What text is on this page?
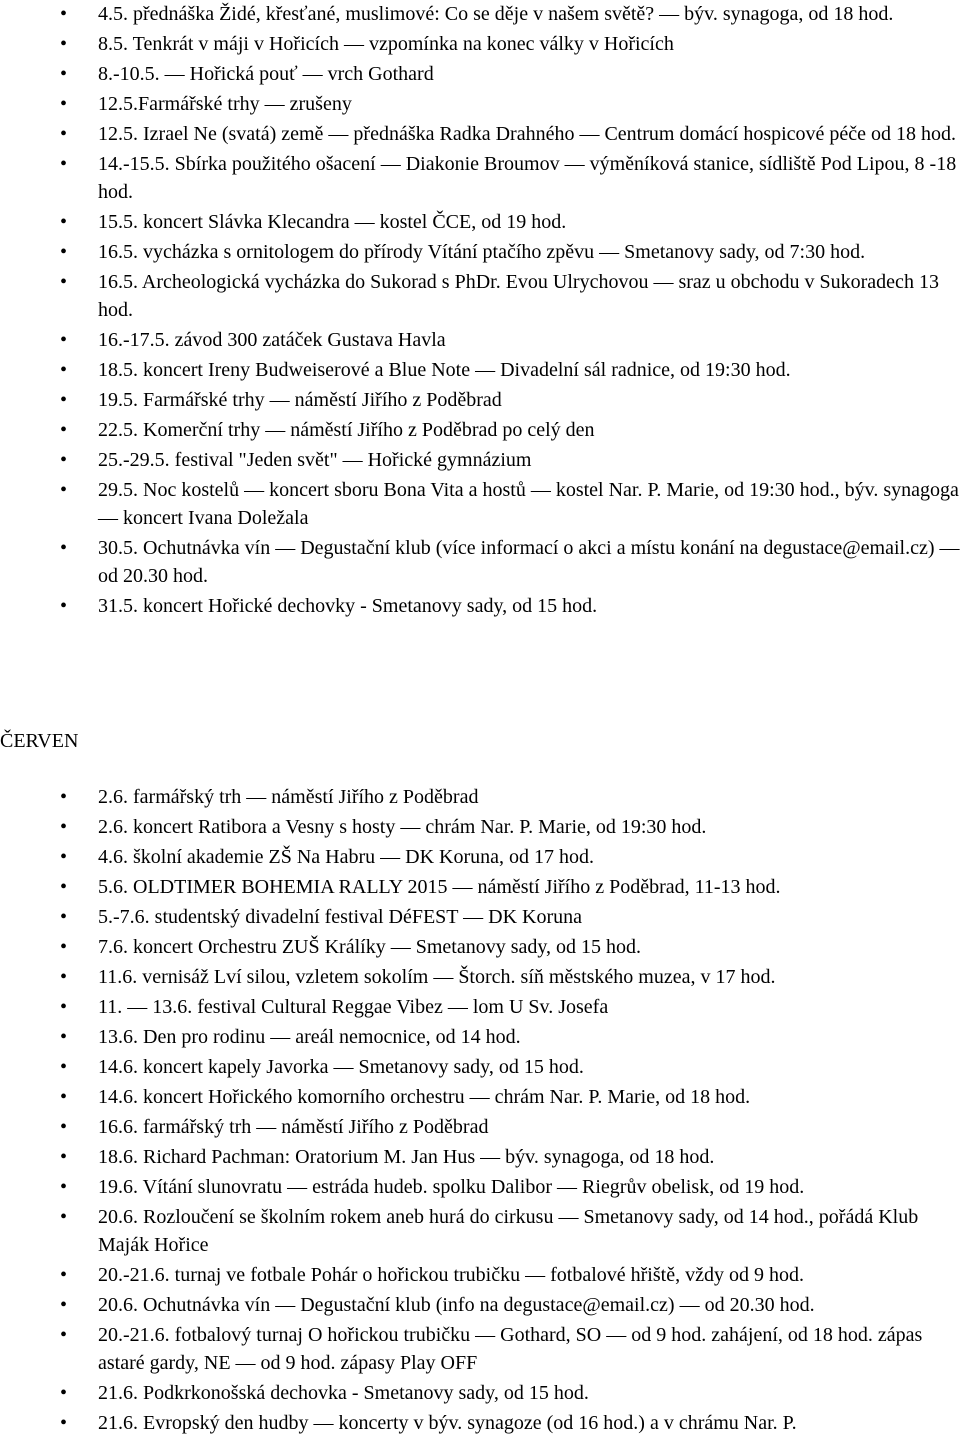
• 4.5. přednáška Židé, křesťané, muslimové: Co se děje v našem světě? — býv. synagoga, od 18 hod.
• 8.5. Tenkrát v máji v Hořicích — vzpomínka na konec války v Hořicích
• 8.-10.5. — Hořická pouť — vrch Gothard
• 12.5.Farmářské trhy — zrušeny
• 12.5. Izrael Ne (svatá) země — přednáška Radka Drahného — Centrum domácí hospicové péče od 18 hod.
• 14.-15.5. Sbírka použitého ošacení — Diakonie Broumov — výměníková stanice, sídliště Pod Lipou, 8 -18 hod.
• 15.5. koncert Slávka Klecandra — kostel ČCE, od 19 hod.
• 16.5. vycházka s ornitologem do přírody Vítání ptačího zpěvu — Smetanovy sady, od 7:30 hod.
• 16.5. Archeologická vycházka do Sukorad s PhDr. Evou Ulrychovou — sraz u obchodu v Sukoradech 13 hod.
• 16.-17.5. závod 300 zatáček Gustava Havla
• 18.5. koncert Ireny Budweiserové a Blue Note — Divadelní sál radnice, od 19:30 hod.
• 19.5. Farmářské trhy — náměstí Jiřího z Poděbrad
• 22.5. Komerční trhy — náměstí Jiřího z Poděbrad po celý den
• 25.-29.5. festival "Jeden svět" — Hořické gymnázium
• 29.5. Noc kostelů — koncert sboru Bona Vita a hostů — kostel Nar. P. Marie, od 19:30 hod., býv. synagoga — koncert Ivana Doležala
• 30.5. Ochutnávka vín — Degustační klub (více informací o akci a místu konání na degustace@email.cz) — od 20.30 hod.
• 31.5. koncert Hořické dechovky - Smetanovy sady, od 15 hod.
ČERVEN
• 2.6. farmářský trh — náměstí Jiřího z Poděbrad
• 2.6. koncert Ratibora a Vesny s hosty — chrám Nar. P. Marie, od 19:30 hod.
• 4.6. školní akademie ZŠ Na Habru — DK Koruna, od 17 hod.
• 5.6. OLDTIMER BOHEMIA RALLY 2015 — náměstí Jiřího z Poděbrad, 11-13 hod.
• 5.-7.6. studentský divadelní festival DéFEST — DK Koruna
• 7.6. koncert Orchestru ZUŠ Králíky — Smetanovy sady, od 15 hod.
• 11.6. vernisáž Lví silou, vzletem sokolím — Štorch. síň městského muzea, v 17 hod.
• 11. — 13.6. festival Cultural Reggae Vibez — lom U Sv. Josefa
• 13.6. Den pro rodinu — areál nemocnice, od 14 hod.
• 14.6. koncert kapely Javorka — Smetanovy sady, od 15 hod.
• 14.6. koncert Hořického komorního orchestru — chrám Nar. P. Marie, od 18 hod.
• 16.6. farmářský trh — náměstí Jiřího z Poděbrad
• 18.6. Richard Pachman: Oratorium M. Jan Hus — býv. synagoga, od 18 hod.
• 19.6. Vítání slunovratu — estráda hudeb. spolku Dalibor — Riegrův obelisk, od 19 hod.
• 20.6. Rozloučení se školním rokem aneb hurá do cirkusu — Smetanovy sady, od 14 hod., pořádá Klub Maják Hořice
• 20.-21.6. turnaj ve fotbale Pohár o hořickou trubičku — fotbalové hřiště, vždy od 9 hod.
• 20.6. Ochutnávka vín — Degustační klub (info na degustace@email.cz) — od 20.30 hod.
• 20.-21.6. fotbalový turnaj O hořickou trubičku — Gothard, SO — od 9 hod. zahájení, od 18 hod. zápas astaré gardy, NE — od 9 hod. zápasy Play OFF
• 21.6. Podkrkonošská dechovka - Smetanovy sady, od 15 hod.
• 21.6. Evropský den hudby — koncerty v býv. synagoze (od 16 hod.) a v chrámu Nar. P.
